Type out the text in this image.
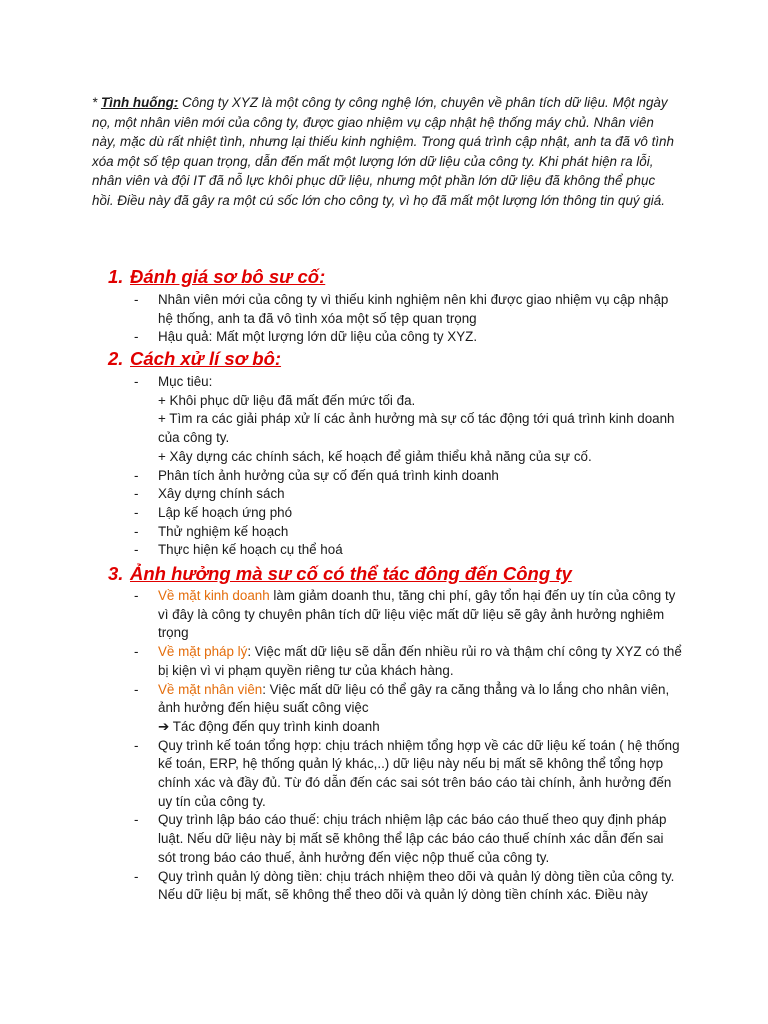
* Tình huống: Công ty XYZ là một công ty công nghệ lớn, chuyên về phân tích dữ liệu. Một ngày nọ, một nhân viên mới của công ty, được giao nhiệm vụ cập nhật hệ thống máy chủ. Nhân viên này, mặc dù rất nhiệt tình, nhưng lại thiếu kinh nghiệm. Trong quá trình cập nhật, anh ta đã vô tình xóa một số tệp quan trọng, dẫn đến mất một lượng lớn dữ liệu của công ty. Khi phát hiện ra lỗi, nhân viên và đội IT đã nỗ lực khôi phục dữ liệu, nhưng một phần lớn dữ liệu đã không thể phục hồi. Điều này đã gây ra một cú sốc lớn cho công ty, vì họ đã mất một lượng lớn thông tin quý giá.

1. Đánh giá sơ bô sư cố:
- Nhân viên mới của công ty vì thiếu kinh nghiệm nên khi được giao nhiệm vụ cập nhập hệ thống, anh ta đã vô tình xóa một số tệp quan trọng
- Hậu quả: Mất một lượng lớn dữ liệu của công ty XYZ.
2. Cách xử lí sơ bô:
- Mục tiêu:
+ Khôi phục dữ liệu đã mất đến mức tối đa.
+ Tìm ra các giải pháp xử lí các ảnh hưởng mà sự cố tác động tới quá trình kinh doanh của công ty.
+ Xây dựng các chính sách, kế hoạch để giảm thiểu khả năng của sự cố.
- Phân tích ảnh hưởng của sự cố đến quá trình kinh doanh
- Xây dựng chính sách
- Lập kế hoạch ứng phó
- Thử nghiệm kế hoạch
- Thực hiện kế hoạch cụ thể hoá
3. Ảnh hưởng mà sư cố có thể tác đông đến Công ty
- Về mặt kinh doanh làm giảm doanh thu, tăng chi phí, gây tổn hại đến uy tín của công ty vì đây là công ty chuyên phân tích dữ liệu việc mất dữ liệu sẽ gây ảnh hưởng nghiêm trọng
- Về mặt pháp lý: Việc mất dữ liệu sẽ dẫn đến nhiều rủi ro và thậm chí công ty XYZ có thể bị kiện vì vi phạm quyền riêng tư của khách hàng.
- Về mặt nhân viên: Việc mất dữ liệu có thể gây ra căng thẳng và lo lắng cho nhân viên, ảnh hưởng đến hiệu suất công việc
➔ Tác động đến quy trình kinh doanh
- Quy trình kế toán tổng hợp: chịu trách nhiệm tổng hợp về các dữ liệu kế toán ( hệ thống kế toán, ERP, hệ thống quản lý khác,..) dữ liệu này nếu bị mất sẽ không thể tổng hợp chính xác và đầy đủ. Từ đó dẫn đến các sai sót trên báo cáo tài chính, ảnh hưởng đến uy tín của công ty.
- Quy trình lập báo cáo thuế: chịu trách nhiệm lập các báo cáo thuế theo quy định pháp luật. Nếu dữ liệu này bị mất sẽ không thể lập các báo cáo thuế chính xác dẫn đến sai sót trong báo cáo thuế, ảnh hưởng đến việc nộp thuế của công ty.
- Quy trình quản lý dòng tiền: chịu trách nhiệm theo dõi và quản lý dòng tiền của công ty. Nếu dữ liệu bị mất, sẽ không thể theo dõi và quản lý dòng tiền chính xác. Điều này
